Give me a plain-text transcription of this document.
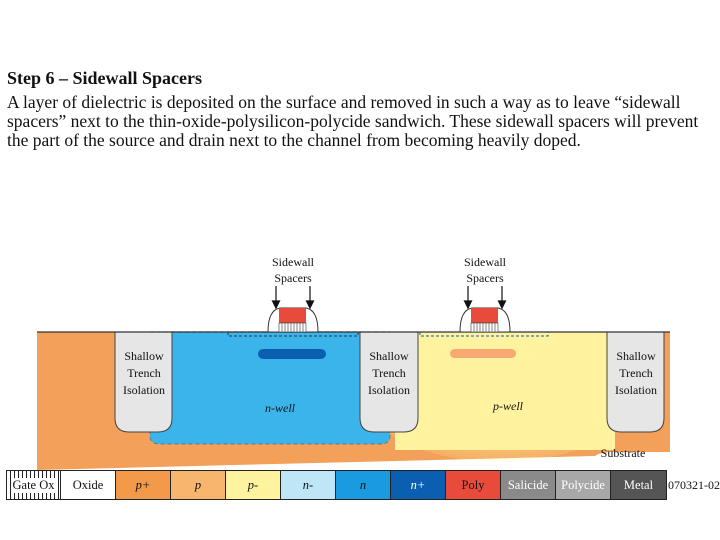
Step 6 – Sidewall Spacers
A layer of dielectric is deposited on the surface and removed in such a way as to leave “sidewall spacers” next to the thin-oxide-polysilicon-polycide sandwich. These sidewall spacers will prevent the part of the source and drain next to the channel from becoming heavily doped.
Sidewall
Spacers
Sidewall
Spacers
Shallow
Trench
Isolation
Shallow
Trench
Isolation
Shallow
Trench
Isolation
n-well	p-well
Substrate
Gate Ox Oxide	p+	p	p-	n-	n	n+	Poly Salicide Polycide Metal 070321-02
